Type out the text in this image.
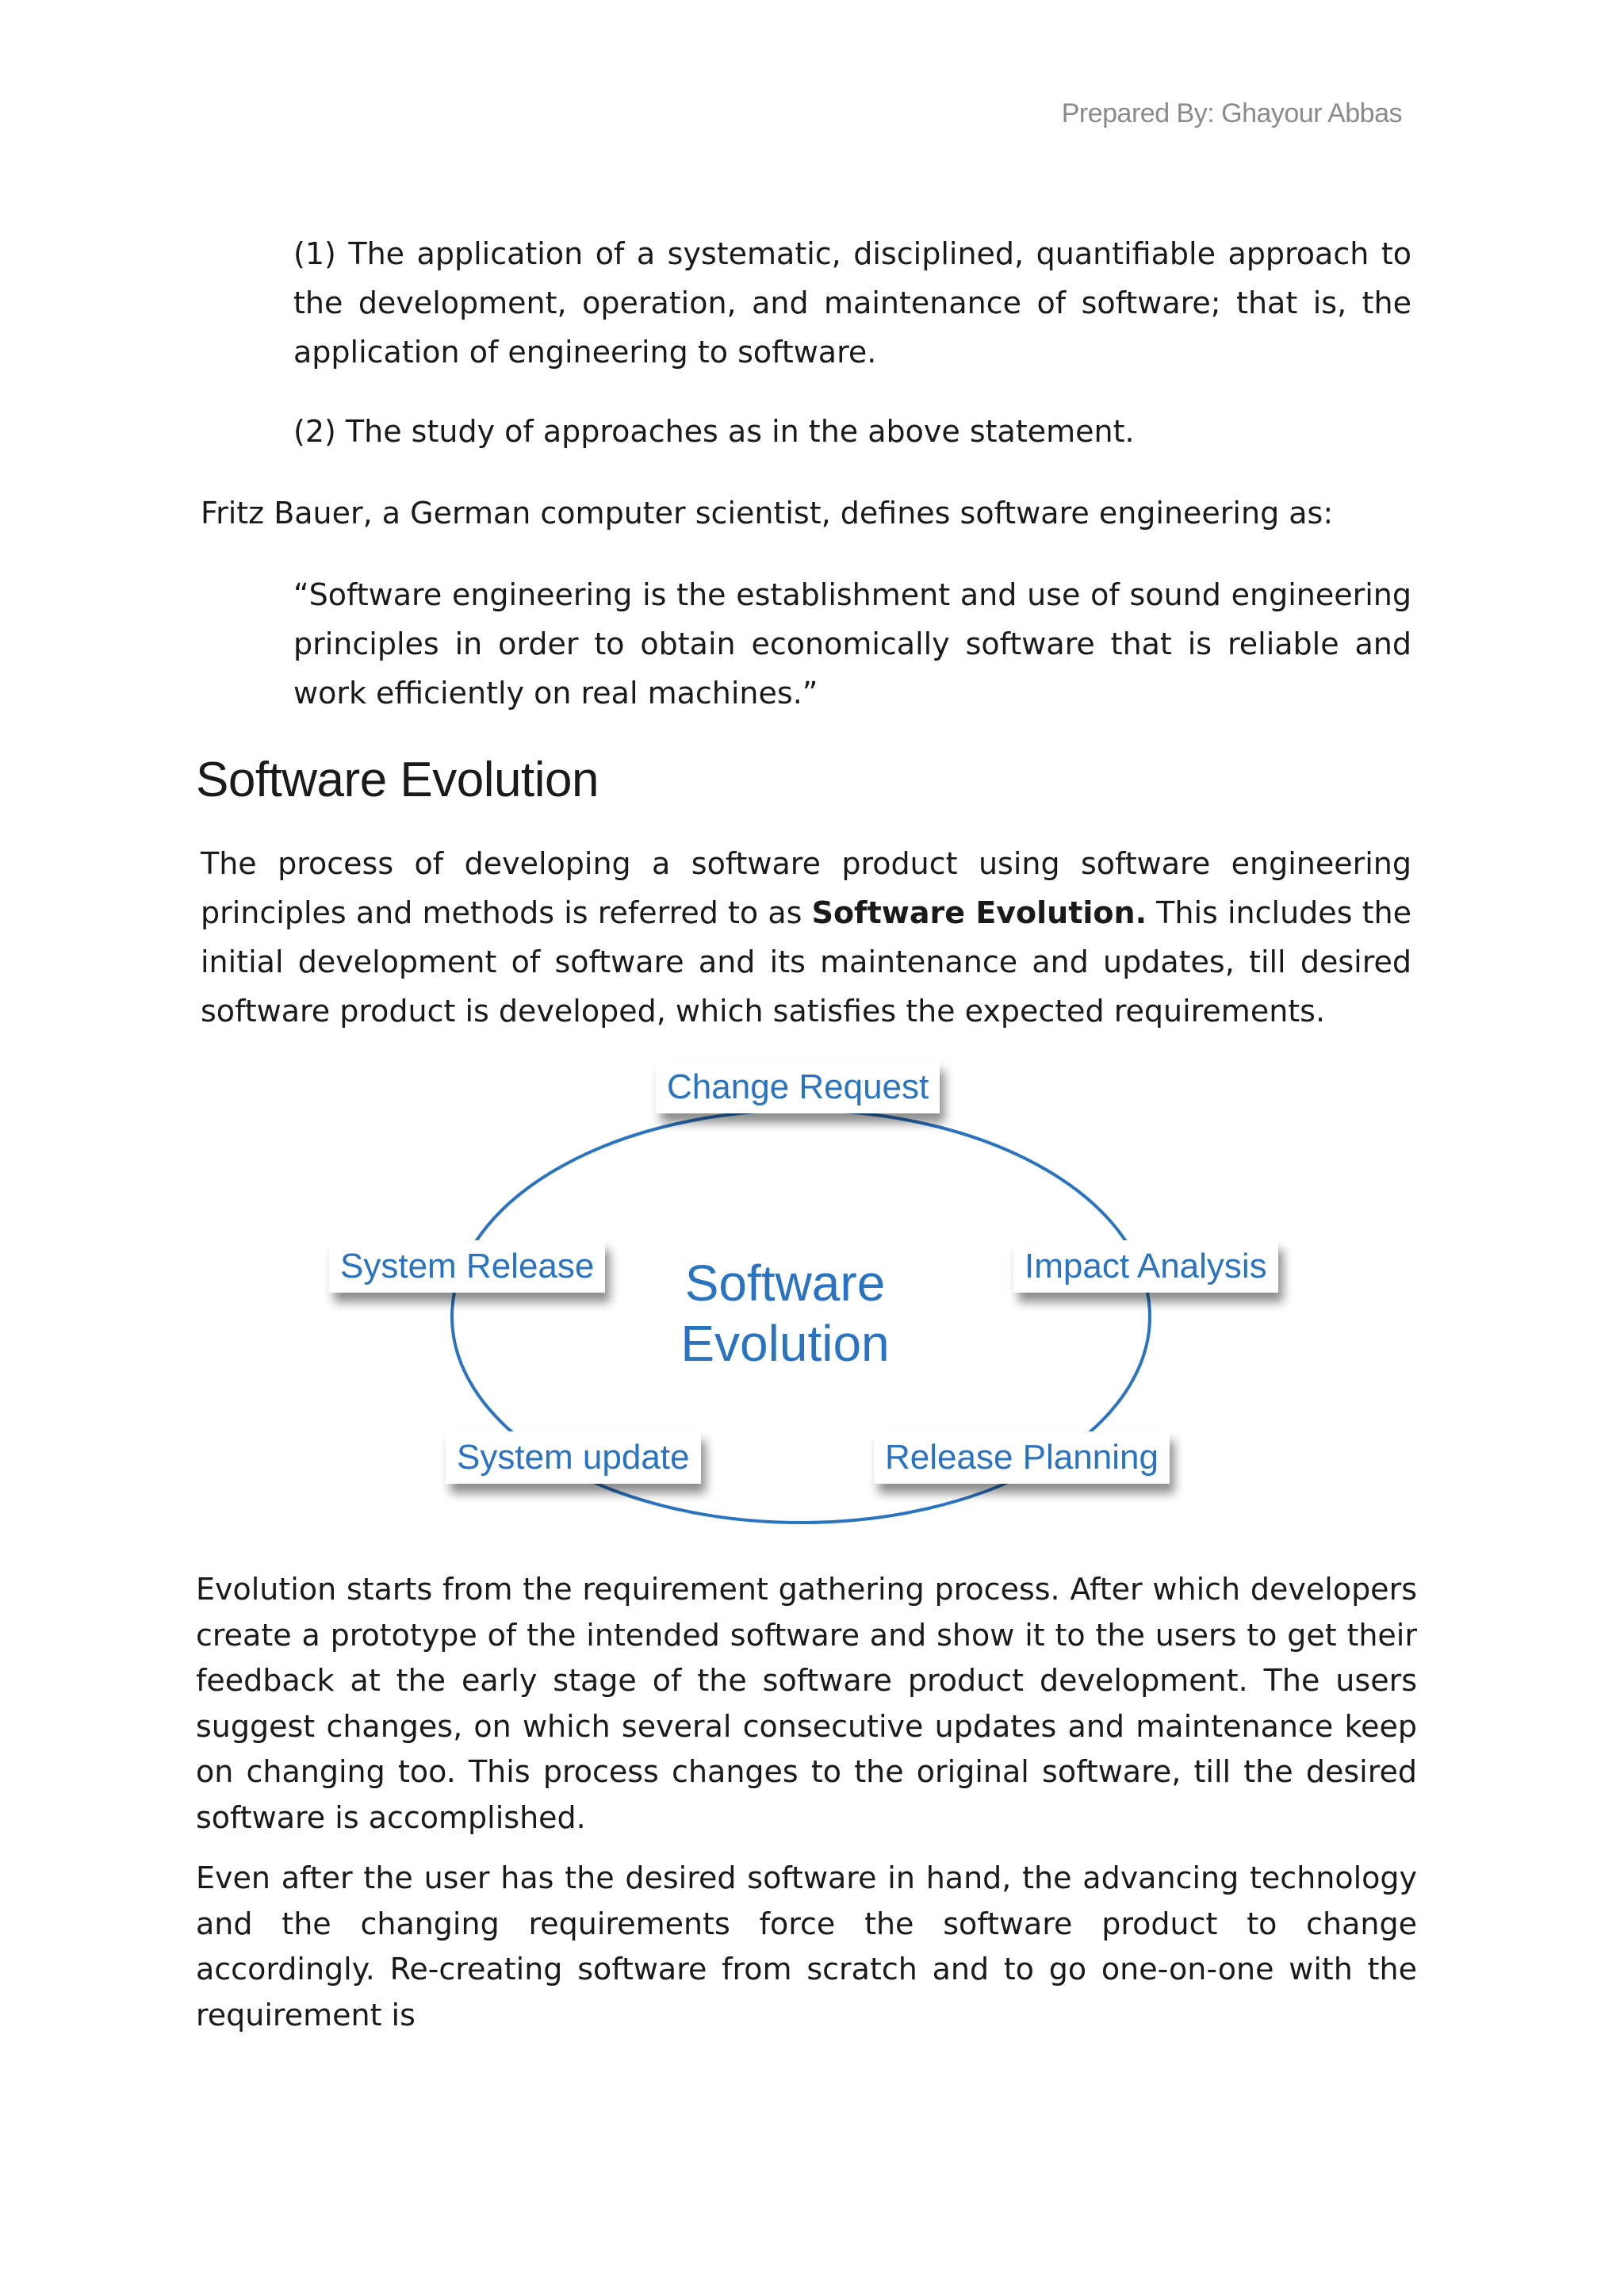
Prepared By: Ghayour Abbas

(1) The application of a systematic, disciplined, quantifiable approach to the development, operation, and maintenance of software; that is, the application of engineering to software.

(2) The study of approaches as in the above statement.

Fritz Bauer, a German computer scientist, defines software engineering as:

“Software engineering is the establishment and use of sound engineering principles in order to obtain economically software that is reliable and work efficiently on real machines.”

Software Evolution

The process of developing a software product using software engineering principles and methods is referred to as Software Evolution. This includes the initial development of software and its maintenance and updates, till desired software product is developed, which satisfies the expected requirements.

Software
Evolution
Change Request
Impact Analysis
Release Planning
System update
System Release

Evolution starts from the requirement gathering process. After which developers create a prototype of the intended software and show it to the users to get their feedback at the early stage of the software product development. The users suggest changes, on which several consecutive updates and maintenance keep on changing too. This process changes to the original software, till the desired software is accomplished.

Even after the user has the desired software in hand, the advancing technology and the changing requirements force the software product to change accordingly. Re-creating software from scratch and to go one-on-one with the requirement is
